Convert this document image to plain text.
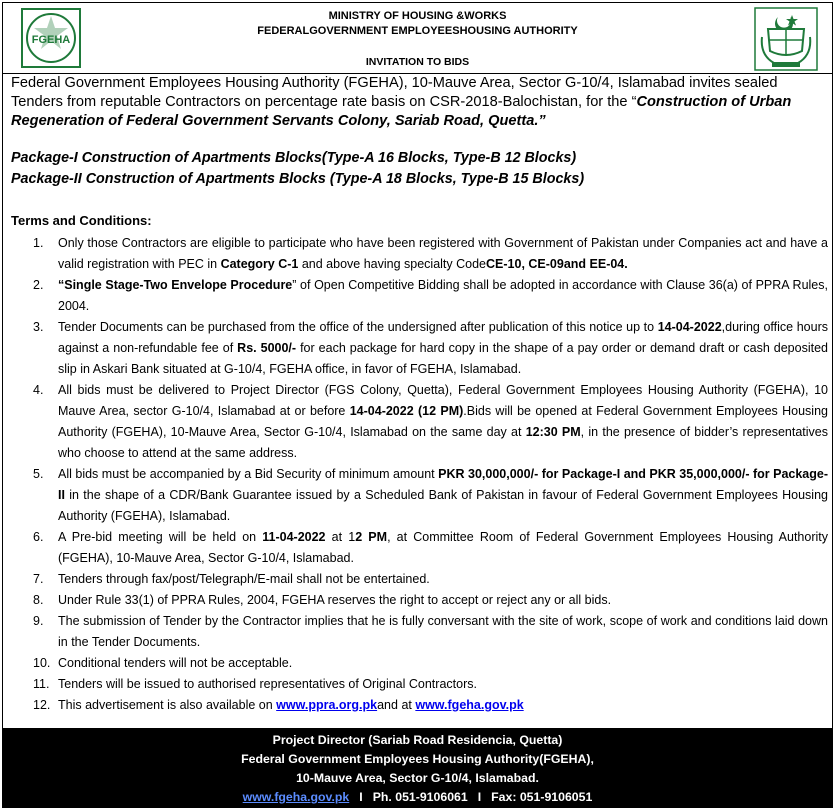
FGEHA
MINISTRY OF HOUSING &WORKS
FEDERALGOVERNMENT EMPLOYEESHOUSING AUTHORITY
INVITATION TO BIDS
Federal Government Employees Housing Authority (FGEHA), 10-Mauve Area, Sector G-10/4, Islamabad invites sealed Tenders from reputable Contractors on percentage rate basis on CSR-2018-Balochistan, for the “Construction of Urban Regeneration of Federal Government Servants Colony, Sariab Road, Quetta.”
Package-I Construction of Apartments Blocks(Type-A 16 Blocks, Type-B 12 Blocks)
Package-II Construction of Apartments Blocks (Type-A 18 Blocks, Type-B 15 Blocks)
Terms and Conditions:
1.	Only those Contractors are eligible to participate who have been registered with Government of Pakistan under Companies act and have a valid registration with PEC in Category C-1 and above having specialty CodeCE-10, CE-09and EE-04.
2.	“Single Stage-Two Envelope Procedure” of Open Competitive Bidding shall be adopted in accordance with Clause 36(a) of PPRA Rules, 2004.
3.	Tender Documents can be purchased from the office of the undersigned after publication of this notice up to 14-04-2022,during office hours against a non-refundable fee of Rs. 5000/- for each package for hard copy in the shape of a pay order or demand draft or cash deposited slip in Askari Bank situated at G-10/4, FGEHA office, in favor of FGEHA, Islamabad.
4.	All bids must be delivered to Project Director (FGS Colony, Quetta), Federal Government Employees Housing Authority (FGEHA), 10 Mauve Area, sector G-10/4, Islamabad at or before 14-04-2022 (12 PM).Bids will be opened at Federal Government Employees Housing Authority (FGEHA), 10-Mauve Area, Sector G-10/4, Islamabad on the same day at 12:30 PM, in the presence of bidder’s representatives who choose to attend at the same address.
5.	All bids must be accompanied by a Bid Security of minimum amount PKR 30,000,000/- for Package-I and PKR 35,000,000/- for Package-II in the shape of a CDR/Bank Guarantee issued by a Scheduled Bank of Pakistan in favour of Federal Government Employees Housing Authority (FGEHA), Islamabad.
6.	A Pre-bid meeting will be held on 11-04-2022 at 12 PM, at Committee Room of Federal Government Employees Housing Authority (FGEHA), 10-Mauve Area, Sector G-10/4, Islamabad.
7.	Tenders through fax/post/Telegraph/E-mail shall not be entertained.
8.	Under Rule 33(1) of PPRA Rules, 2004, FGEHA reserves the right to accept or reject any or all bids.
9.	The submission of Tender by the Contractor implies that he is fully conversant with the site of work, scope of work and conditions laid down in the Tender Documents.
10. Conditional tenders will not be acceptable.
11. Tenders will be issued to authorised representatives of Original Contractors.
12. This advertisement is also available on www.ppra.org.pkand at www.fgeha.gov.pk
Project Director (Sariab Road Residencia, Quetta)
Federal Government Employees Housing Authority(FGEHA),
10-Mauve Area, Sector G-10/4, Islamabad.
www.fgeha.gov.pk I Ph. 051-9106061 I Fax: 051-9106051
